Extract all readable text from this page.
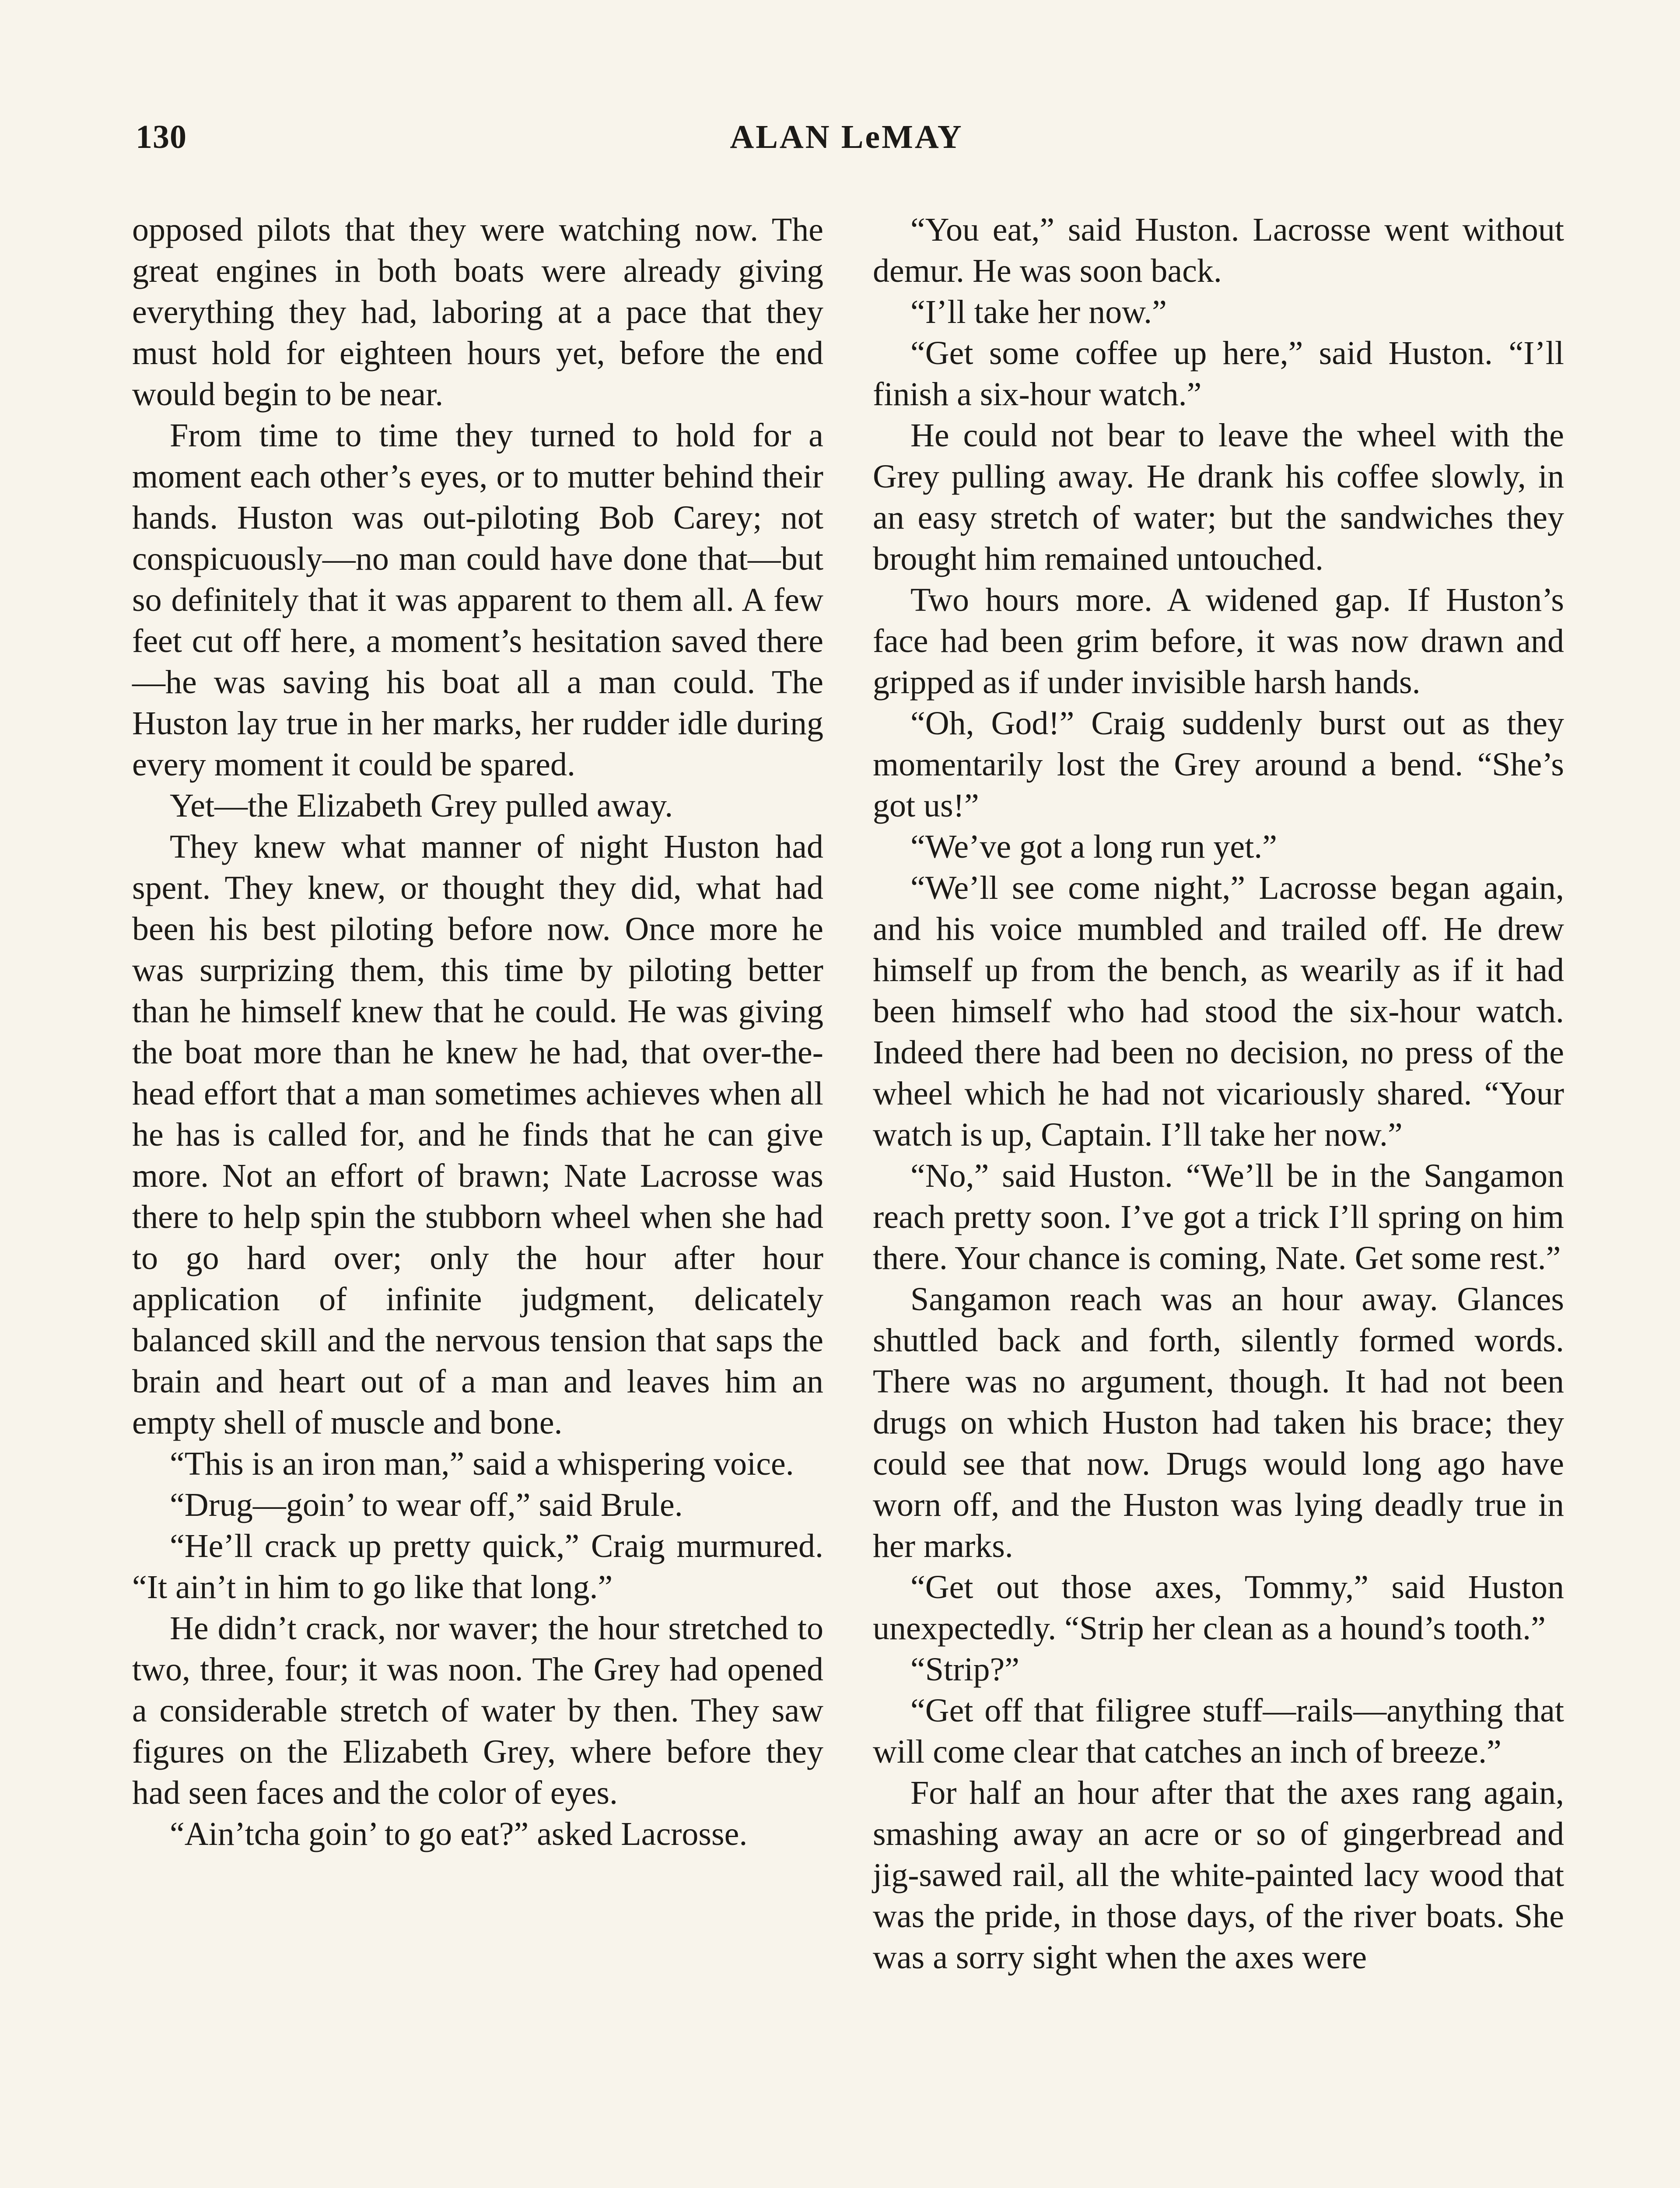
130	ALAN LeMAY

opposed pilots that they were watching now. The great engines in both boats were already giving everything they had, laboring at a pace that they must hold for eighteen hours yet, before the end would begin to be near.

From time to time they turned to hold for a moment each other’s eyes, or to mutter behind their hands. Huston was out-piloting Bob Carey; not conspicuously—no man could have done that—but so definitely that it was apparent to them all. A few feet cut off here, a moment’s hesitation saved there—he was saving his boat all a man could. The Huston lay true in her marks, her rudder idle during every moment it could be spared.

Yet—the Elizabeth Grey pulled away.

They knew what manner of night Huston had spent. They knew, or thought they did, what had been his best piloting before now. Once more he was surprizing them, this time by piloting better than he himself knew that he could. He was giving the boat more than he knew he had, that over-the-head effort that a man sometimes achieves when all he has is called for, and he finds that he can give more. Not an effort of brawn; Nate Lacrosse was there to help spin the stubborn wheel when she had to go hard over; only the hour after hour application of infinite judgment, delicately balanced skill and the nervous tension that saps the brain and heart out of a man and leaves him an empty shell of muscle and bone.

“This is an iron man,” said a whispering voice.

“Drug—goin’ to wear off,” said Brule.

“He’ll crack up pretty quick,” Craig murmured. “It ain’t in him to go like that long.”

He didn’t crack, nor waver; the hour stretched to two, three, four; it was noon. The Grey had opened a considerable stretch of water by then. They saw figures on the Elizabeth Grey, where before they had seen faces and the color of eyes.

“Ain’tcha goin’ to go eat?” asked Lacrosse.

“You eat,” said Huston. Lacrosse went without demur. He was soon back.

“I’ll take her now.”

“Get some coffee up here,” said Huston. “I’ll finish a six-hour watch.”

He could not bear to leave the wheel with the Grey pulling away. He drank his coffee slowly, in an easy stretch of water; but the sandwiches they brought him remained untouched.

Two hours more. A widened gap. If Huston’s face had been grim before, it was now drawn and gripped as if under invisible harsh hands.

“Oh, God!” Craig suddenly burst out as they momentarily lost the Grey around a bend. “She’s got us!”

“We’ve got a long run yet.”

“We’ll see come night,” Lacrosse began again, and his voice mumbled and trailed off. He drew himself up from the bench, as wearily as if it had been himself who had stood the six-hour watch. Indeed there had been no decision, no press of the wheel which he had not vicariously shared. “Your watch is up, Captain. I’ll take her now.”

“No,” said Huston. “We’ll be in the Sangamon reach pretty soon. I’ve got a trick I’ll spring on him there. Your chance is coming, Nate. Get some rest.”

Sangamon reach was an hour away. Glances shuttled back and forth, silently formed words. There was no argument, though. It had not been drugs on which Huston had taken his brace; they could see that now. Drugs would long ago have worn off, and the Huston was lying deadly true in her marks.

“Get out those axes, Tommy,” said Huston unexpectedly. “Strip her clean as a hound’s tooth.”

“Strip?”

“Get off that filigree stuff—rails—anything that will come clear that catches an inch of breeze.”

For half an hour after that the axes rang again, smashing away an acre or so of gingerbread and jig-sawed rail, all the white-painted lacy wood that was the pride, in those days, of the river boats. She was a sorry sight when the axes were
